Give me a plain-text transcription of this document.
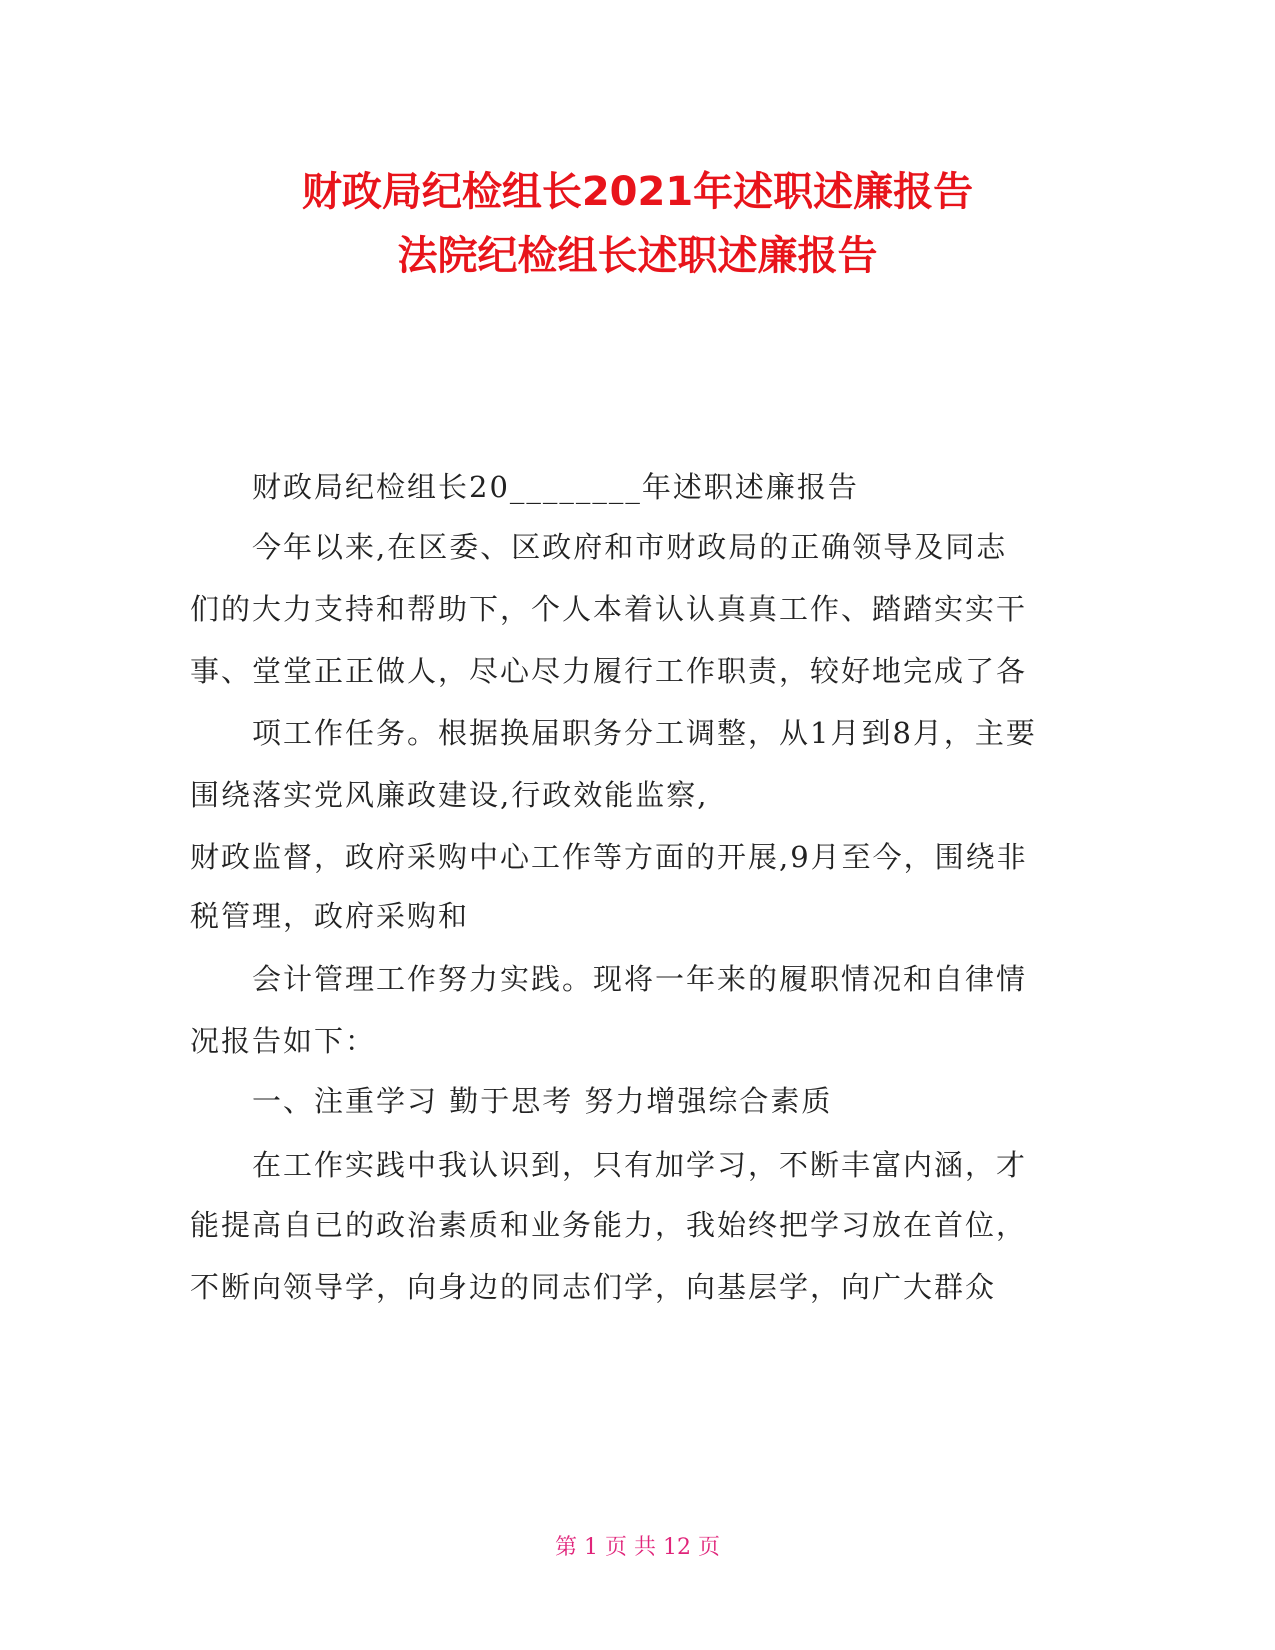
财政局纪检组长2021年述职述廉报告
法院纪检组长述职述廉报告
财政局纪检组长20________年述职述廉报告
今年以来,在区委、区政府和市财政局的正确领导及同志
们的大力支持和帮助下，个人本着认认真真工作、踏踏实实干
事、堂堂正正做人，尽心尽力履行工作职责，较好地完成了各
项工作任务。根据换届职务分工调整，从1月到8月，主要
围绕落实党风廉政建设,行政效能监察,
财政监督，政府采购中心工作等方面的开展,9月至今，围绕非
税管理，政府采购和
会计管理工作努力实践。现将一年来的履职情况和自律情
况报告如下：
一、注重学习 勤于思考 努力增强综合素质
在工作实践中我认识到，只有加学习，不断丰富内涵，才
能提高自已的政治素质和业务能力，我始终把学习放在首位，
不断向领导学，向身边的同志们学，向基层学，向广大群众
第 1 页 共 12 页
